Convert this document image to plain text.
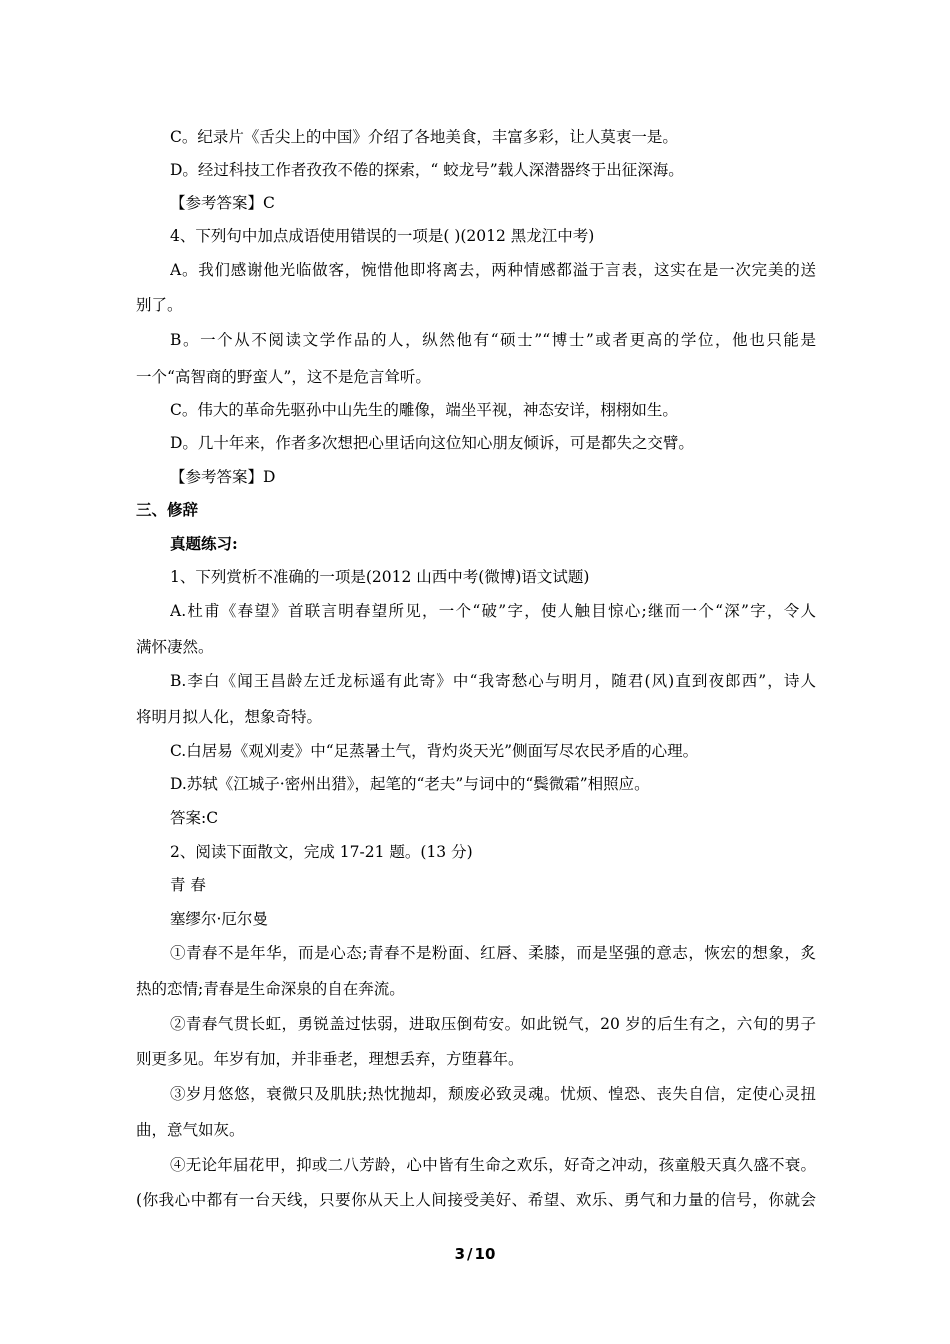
C。纪录片《舌尖上的中国》介绍了各地美食，丰富多彩，让人莫衷一是。
D。经过科技工作者孜孜不倦的探索，“ 蛟龙号”载人深潜器终于出征深海。
【参考答案】C
4、下列句中加点成语使用错误的一项是( )(2012 黑龙江中考)
A。我们感谢他光临做客，惋惜他即将离去，两种情感都溢于言表，这实在是一次完美的送
别了。
B。一个从不阅读文学作品的人，纵然他有“硕士”“博士”或者更高的学位，他也只能是
一个“高智商的野蛮人”，这不是危言耸听。
C。伟大的革命先驱孙中山先生的雕像，端坐平视，神态安详，栩栩如生。
D。几十年来，作者多次想把心里话向这位知心朋友倾诉，可是都失之交臂。
【参考答案】D
三、修辞
真题练习:
1、下列赏析不准确的一项是(2012 山西中考(微博)语文试题)
A.杜甫《春望》首联言明春望所见，一个“破”字，使人触目惊心;继而一个“深”字，令人
满怀凄然。
B.李白《闻王昌龄左迁龙标遥有此寄》中“我寄愁心与明月，随君(风)直到夜郎西”，诗人
将明月拟人化，想象奇特。
C.白居易《观刈麦》中“足蒸暑土气，背灼炎天光”侧面写尽农民矛盾的心理。
D.苏轼《江城子·密州出猎》，起笔的“老夫”与词中的“鬓微霜”相照应。
答案:C
2、阅读下面散文，完成 17-21 题。(13 分)
青 春
塞缪尔·厄尔曼
①青春不是年华，而是心态;青春不是粉面、红唇、柔膝，而是坚强的意志，恢宏的想象，炙
热的恋情;青春是生命深泉的自在奔流。
②青春气贯长虹，勇锐盖过怯弱，进取压倒苟安。如此锐气，20 岁的后生有之，六旬的男子
则更多见。年岁有加，并非垂老，理想丢弃，方堕暮年。
③岁月悠悠，衰微只及肌肤;热忱抛却，颓废必致灵魂。忧烦、惶恐、丧失自信，定使心灵扭
曲，意气如灰。
④无论年届花甲，抑或二八芳龄，心中皆有生命之欢乐，好奇之冲动，孩童般天真久盛不衰。
(你我心中都有一台天线，只要你从天上人间接受美好、希望、欢乐、勇气和力量的信号，你就会
3 / 10
